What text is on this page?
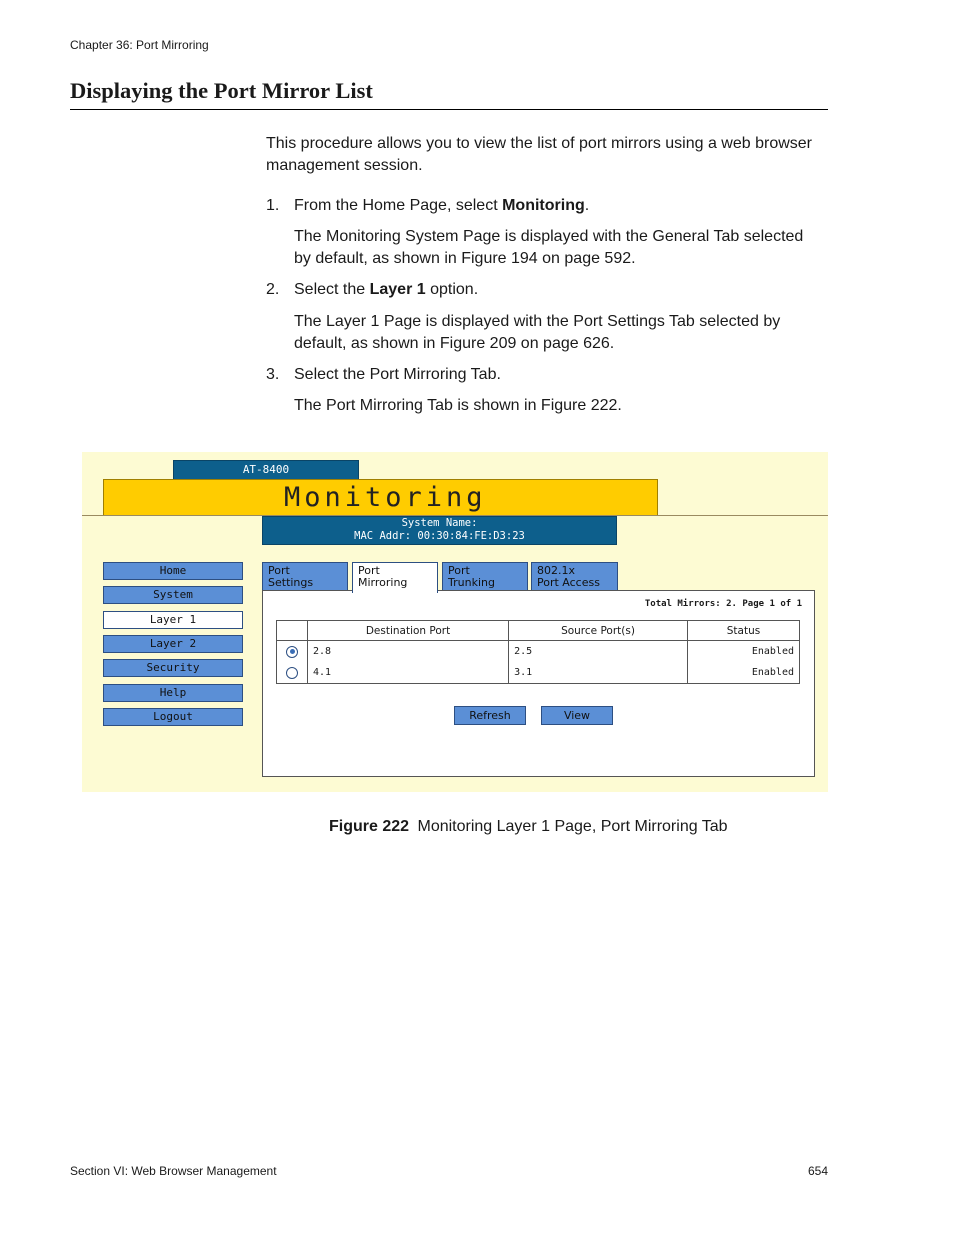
Chapter 36: Port Mirroring
Displaying the Port Mirror List
This procedure allows you to view the list of port mirrors using a web browser management session.
1. From the Home Page, select Monitoring.
The Monitoring System Page is displayed with the General Tab selected by default, as shown in Figure 194 on page 592.
2. Select the Layer 1 option.
The Layer 1 Page is displayed with the Port Settings Tab selected by default, as shown in Figure 209 on page 626.
3. Select the Port Mirroring Tab.
The Port Mirroring Tab is shown in Figure 222.
AT-8400
Monitoring
System Name:
MAC Addr: 00:30:84:FE:D3:23
Home
System
Layer 1
Layer 2
Security
Help
Logout
Port
Settings
Port
Mirroring
Port
Trunking
802.1x
Port Access
Total Mirrors: 2. Page 1 of 1
	Destination Port	Source Port(s)	Status
	2.8	2.5	Enabled
	4.1	3.1	Enabled
Refresh	View
Figure 222 Monitoring Layer 1 Page, Port Mirroring Tab
Section VI: Web Browser Management	654
